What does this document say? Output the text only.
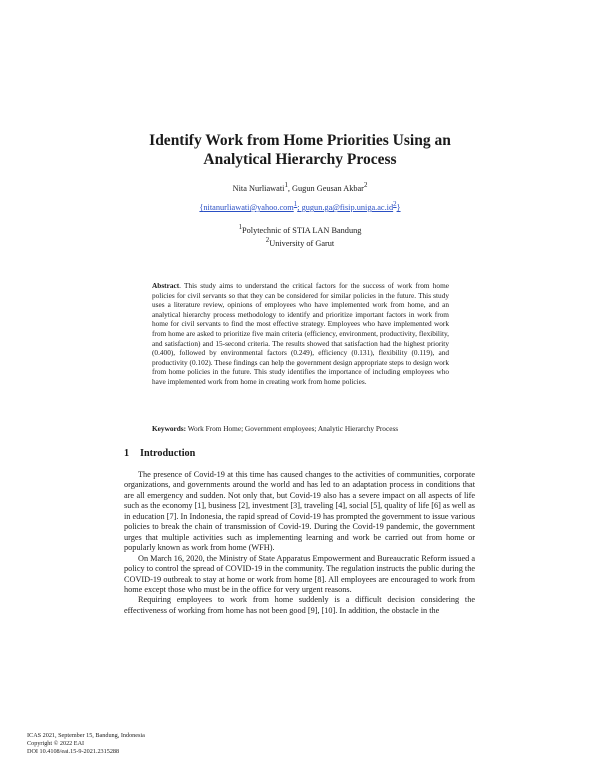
Identify Work from Home Priorities Using an
Analytical Hierarchy Process
Nita Nurliawati$^1$, Gugun Geusan Akbar$^2$
{nitanurliawati@yahoo.com$^1$; $gugun.ga@fisip.uniga.ac.id^2$}
$^1$Polytechnic of STIA LAN Bandung
$^2$University of Garut
Abstract. This study aims to understand the critical factors for the success of work from home policies for civil servants so that they can be considered for similar policies in the future. This study uses a literature review, opinions of employees who have implemented work from home, and an analytical hierarchy process methodology to identify and prioritize important factors in work from home for civil servants to find the most effective strategy. Employees who have implemented work from home are asked to prioritize five main criteria (efficiency, environment, productivity, flexibility, and satisfaction) and 15-second criteria. The results showed that satisfaction had the highest priority (0.400), followed by environmental factors (0.249), efficiency (0.131), flexibility (0.119), and productivity (0.102). These findings can help the government design appropriate steps to design work from home policies in the future. This study identifies the importance of including employees who have implemented work from home in creating work from home policies.
Keywords: Work From Home; Government employees; Analytic Hierarchy Process
1 Introduction

The presence of Covid-19 at this time has caused changes to the activities of communities, corporate organizations, and governments around the world and has led to an adaptation process in conditions that are all emergency and sudden. Not only that, but Covid-19 also has a severe impact on all aspects of life such as the economy [1], business [2], investment [3], traveling [4], social [5], quality of life [6] as well as in education [7]. In Indonesia, the rapid spread of Covid-19 has prompted the government to issue various policies to break the chain of transmission of Covid-19. During the Covid-19 pandemic, the government urges that multiple activities such as implementing learning and work be carried out from home or popularly known as work from home (WFH).

On March 16, 2020, the Ministry of State Apparatus Empowerment and Bureaucratic Reform issued a policy to control the spread of COVID-19 in the community. The regulation instructs the public during the COVID-19 outbreak to stay at home or work from home [8]. All employees are encouraged to work from home except those who must be in the office for very urgent reasons.

Requiring employees to work from home suddenly is a difficult decision considering the effectiveness of working from home has not been good [9], [10]. In addition, the obstacle in the

ICAS 2021, September 15, Bandung, Indonesia
Copyright © 2022 EAI
DOI 10.4108/eai.15-9-2021.2315288
